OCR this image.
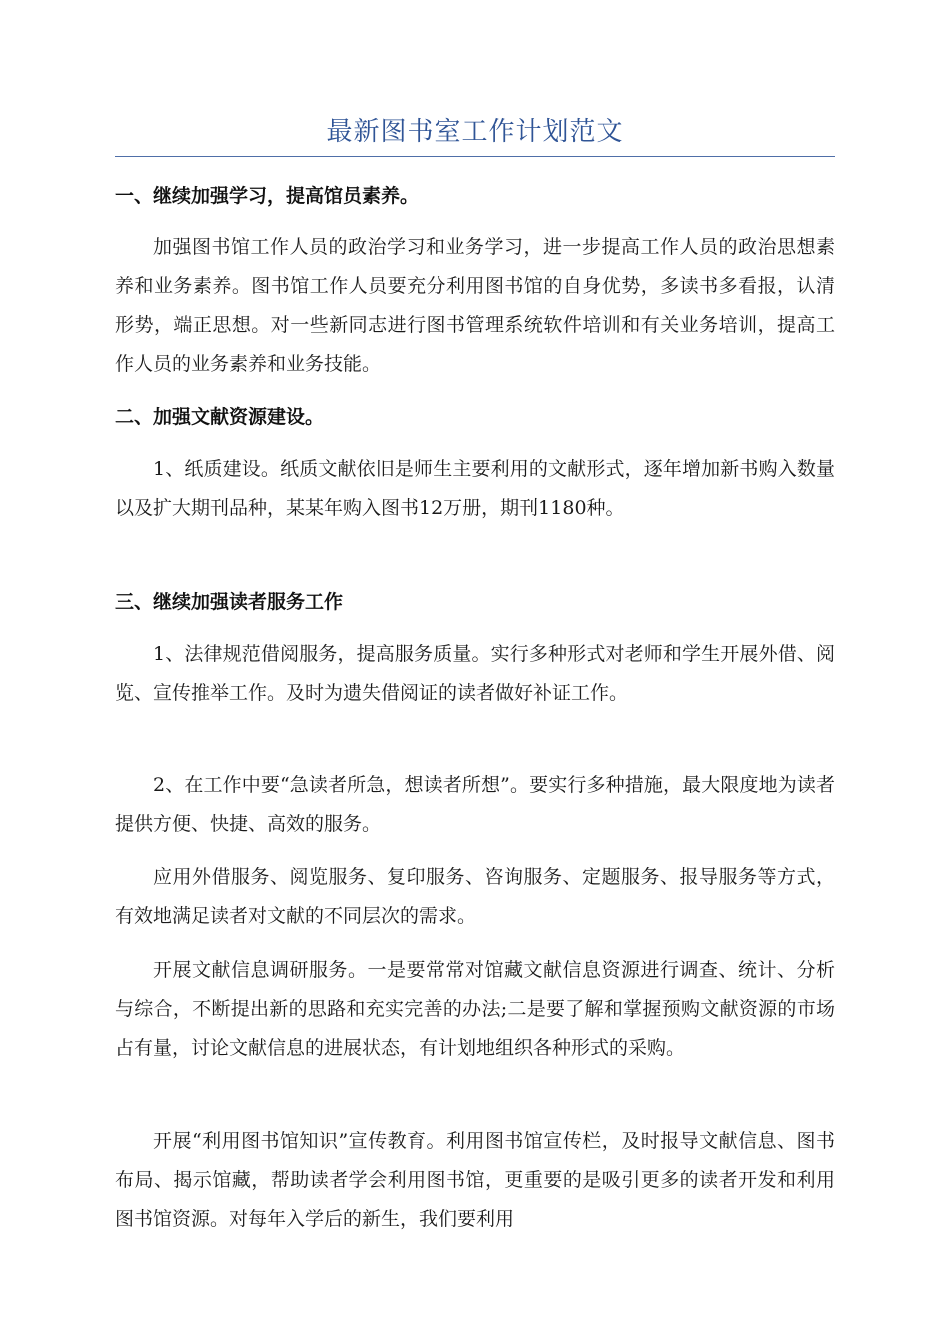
最新图书室工作计划范文
一、继续加强学习，提高馆员素养。

加强图书馆工作人员的政治学习和业务学习，进一步提高工作人员的政治思想素养和业务素养。图书馆工作人员要充分利用图书馆的自身优势，多读书多看报，认清形势，端正思想。对一些新同志进行图书管理系统软件培训和有关业务培训，提高工作人员的业务素养和业务技能。

二、加强文献资源建设。

1、纸质建设。纸质文献依旧是师生主要利用的文献形式，逐年增加新书购入数量以及扩大期刊品种，某某年购入图书12万册，期刊1180种。

三、继续加强读者服务工作

1、法律规范借阅服务，提高服务质量。实行多种形式对老师和学生开展外借、阅览、宣传推举工作。及时为遗失借阅证的读者做好补证工作。

2、在工作中要“急读者所急，想读者所想”。要实行多种措施，最大限度地为读者提供方便、快捷、高效的服务。

应用外借服务、阅览服务、复印服务、咨询服务、定题服务、报导服务等方式，有效地满足读者对文献的不同层次的需求。

开展文献信息调研服务。一是要常常对馆藏文献信息资源进行调查、统计、分析与综合，不断提出新的思路和充实完善的办法;二是要了解和掌握预购文献资源的市场占有量，讨论文献信息的进展状态，有计划地组织各种形式的采购。

开展“利用图书馆知识”宣传教育。利用图书馆宣传栏，及时报导文献信息、图书布局、揭示馆藏，帮助读者学会利用图书馆，更重要的是吸引更多的读者开发和利用图书馆资源。对每年入学后的新生，我们要利用
